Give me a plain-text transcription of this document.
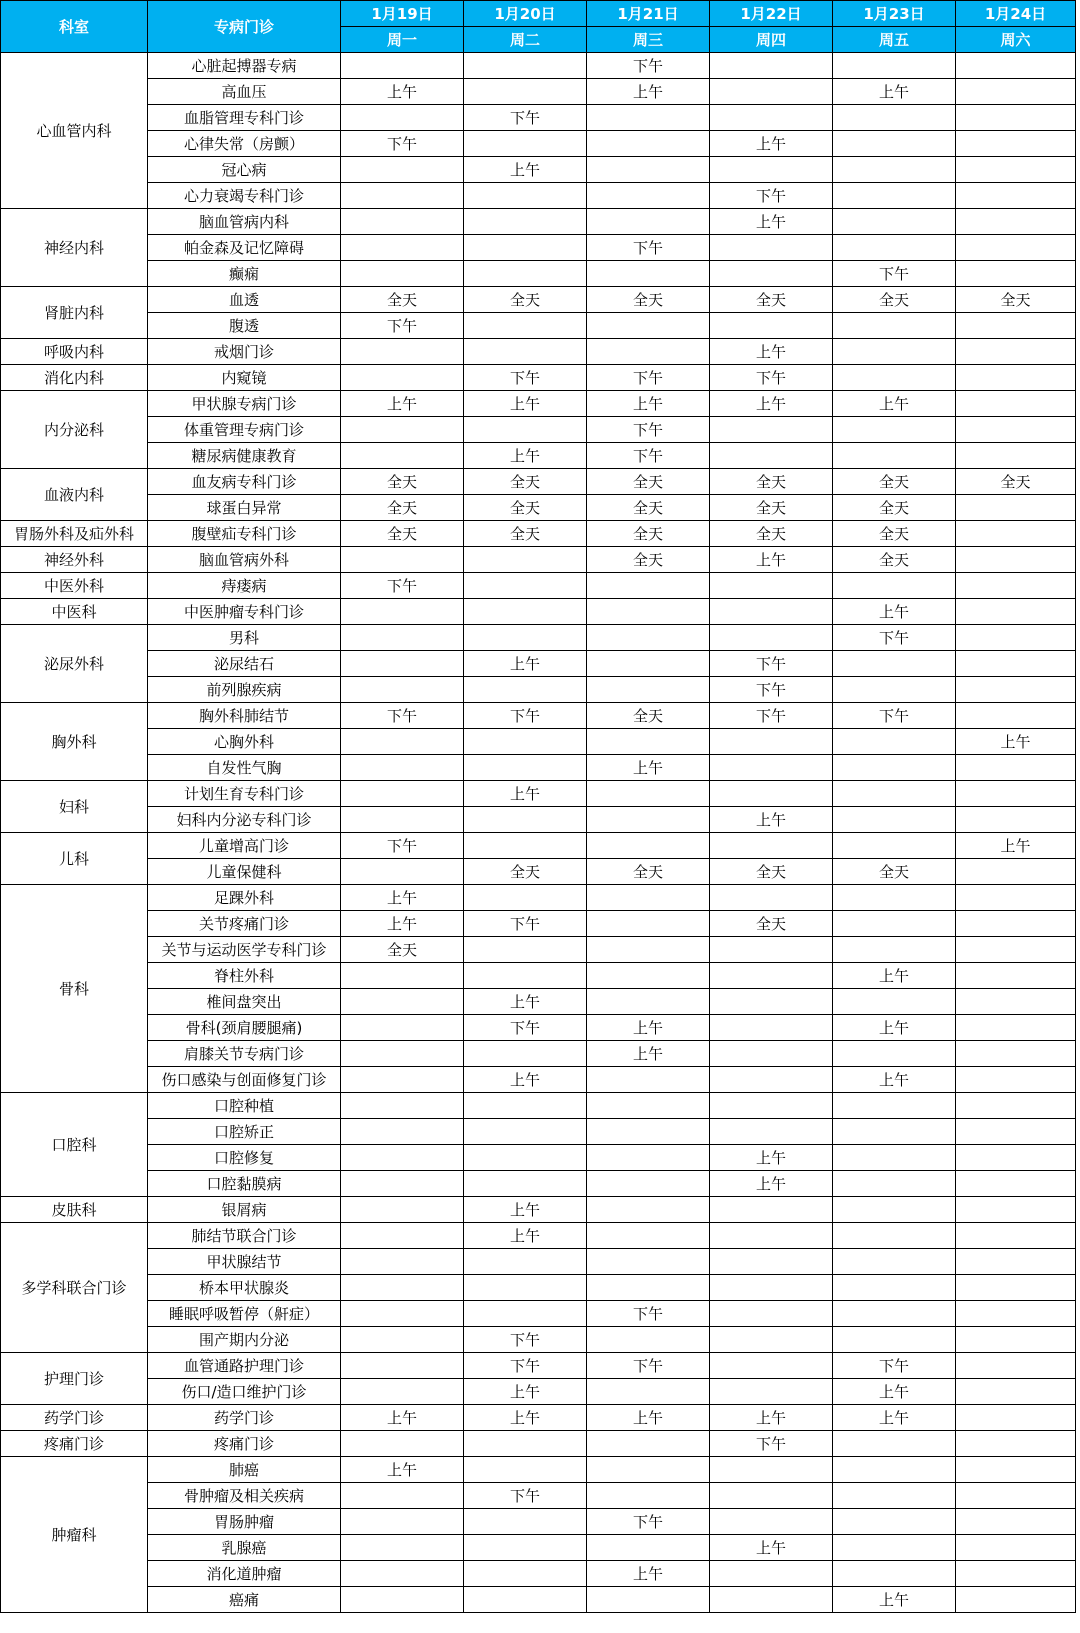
科室	专病门诊	1月19日	1月20日	1月21日	1月22日	1月23日	1月24日
		周一	周二	周三	周四	周五	周六
心血管内科	心脏起搏器专病			下午			
	高血压	上午		上午		上午	
	血脂管理专科门诊		下午				
	心律失常（房颤）	下午			上午		
	冠心病		上午				
	心力衰竭专科门诊				下午		
神经内科	脑血管病内科				上午		
	帕金森及记忆障碍			下午			
	癫痫					下午	
肾脏内科	血透	全天	全天	全天	全天	全天	全天
	腹透	下午					
呼吸内科	戒烟门诊				上午		
消化内科	内窥镜		下午	下午	下午		
内分泌科	甲状腺专病门诊	上午	上午	上午	上午	上午	
	体重管理专病门诊			下午			
	糖尿病健康教育		上午	下午			
血液内科	血友病专科门诊	全天	全天	全天	全天	全天	全天
	球蛋白异常	全天	全天	全天	全天	全天	
胃肠外科及疝外科	腹壁疝专科门诊	全天	全天	全天	全天	全天	
神经外科	脑血管病外科			全天	上午	全天	
中医外科	痔瘘病	下午					
中医科	中医肿瘤专科门诊					上午	
泌尿外科	男科					下午	
	泌尿结石		上午		下午		
	前列腺疾病				下午		
胸外科	胸外科肺结节	下午	下午	全天	下午	下午	
	心胸外科						上午
	自发性气胸			上午			
妇科	计划生育专科门诊		上午				
	妇科内分泌专科门诊				上午		
儿科	儿童增高门诊	下午					上午
	儿童保健科		全天	全天	全天	全天	
骨科	足踝外科	上午					
	关节疼痛门诊	上午	下午		全天		
	关节与运动医学专科门诊	全天					
	脊柱外科					上午	
	椎间盘突出		上午				
	骨科(颈肩腰腿痛)		下午	上午		上午	
	肩膝关节专病门诊			上午			
	伤口感染与创面修复门诊		上午			上午	
口腔科	口腔种植						
	口腔矫正						
	口腔修复				上午		
	口腔黏膜病				上午		
皮肤科	银屑病		上午				
多学科联合门诊	肺结节联合门诊		上午				
	甲状腺结节						
	桥本甲状腺炎						
	睡眠呼吸暂停（鼾症）			下午			
	围产期内分泌		下午				
护理门诊	血管通路护理门诊		下午	下午		下午	
	伤口/造口维护门诊		上午			上午	
药学门诊	药学门诊	上午	上午	上午	上午	上午	
疼痛门诊	疼痛门诊				下午		
肿瘤科	肺癌	上午					
	骨肿瘤及相关疾病		下午				
	胃肠肿瘤			下午			
	乳腺癌				上午		
	消化道肿瘤			上午			
	癌痛					上午	
